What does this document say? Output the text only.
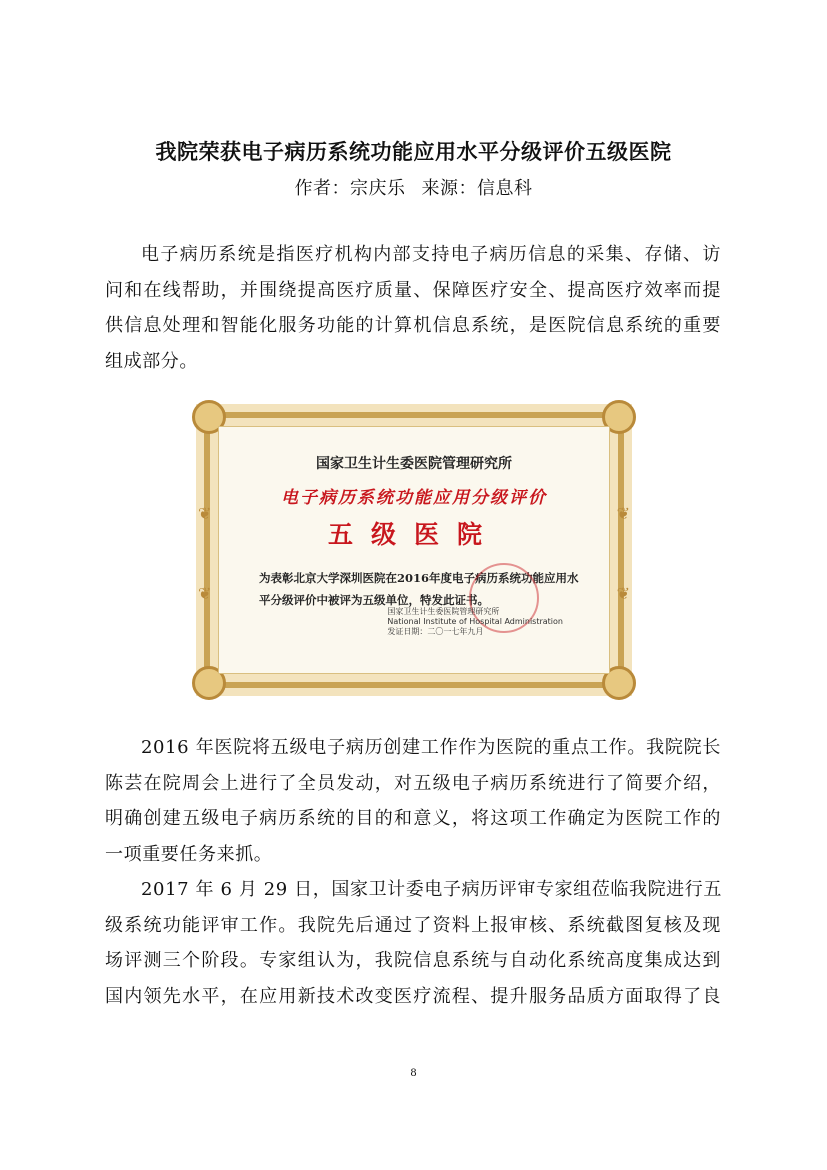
我院荣获电子病历系统功能应用水平分级评价五级医院
作者：宗庆乐 来源：信息科
电子病历系统是指医疗机构内部支持电子病历信息的采集、存储、访
问和在线帮助，并围绕提高医疗质量、保障医疗安全、提高医疗效率而提
供信息处理和智能化服务功能的计算机信息系统，是医院信息系统的重要
组成部分。
❦
❦
❦
❦
国家卫生计生委医院管理研究所
电子病历系统功能应用分级评价
五级医院
为表彰北京大学深圳医院在2016年度电子病历系统功能应用水
平分级评价中被评为五级单位，特发此证书。
国家卫生计生委医院管理研究所
National Institute of Hospital Administration
发证日期：二〇一七年九月
2016 年医院将五级电子病历创建工作作为医院的重点工作。我院院长
陈芸在院周会上进行了全员发动，对五级电子病历系统进行了简要介绍，
明确创建五级电子病历系统的目的和意义，将这项工作确定为医院工作的
一项重要任务来抓。
2017 年 6 月 29 日，国家卫计委电子病历评审专家组莅临我院进行五
级系统功能评审工作。我院先后通过了资料上报审核、系统截图复核及现
场评测三个阶段。专家组认为，我院信息系统与自动化系统高度集成达到
国内领先水平，在应用新技术改变医疗流程、提升服务品质方面取得了良
8
